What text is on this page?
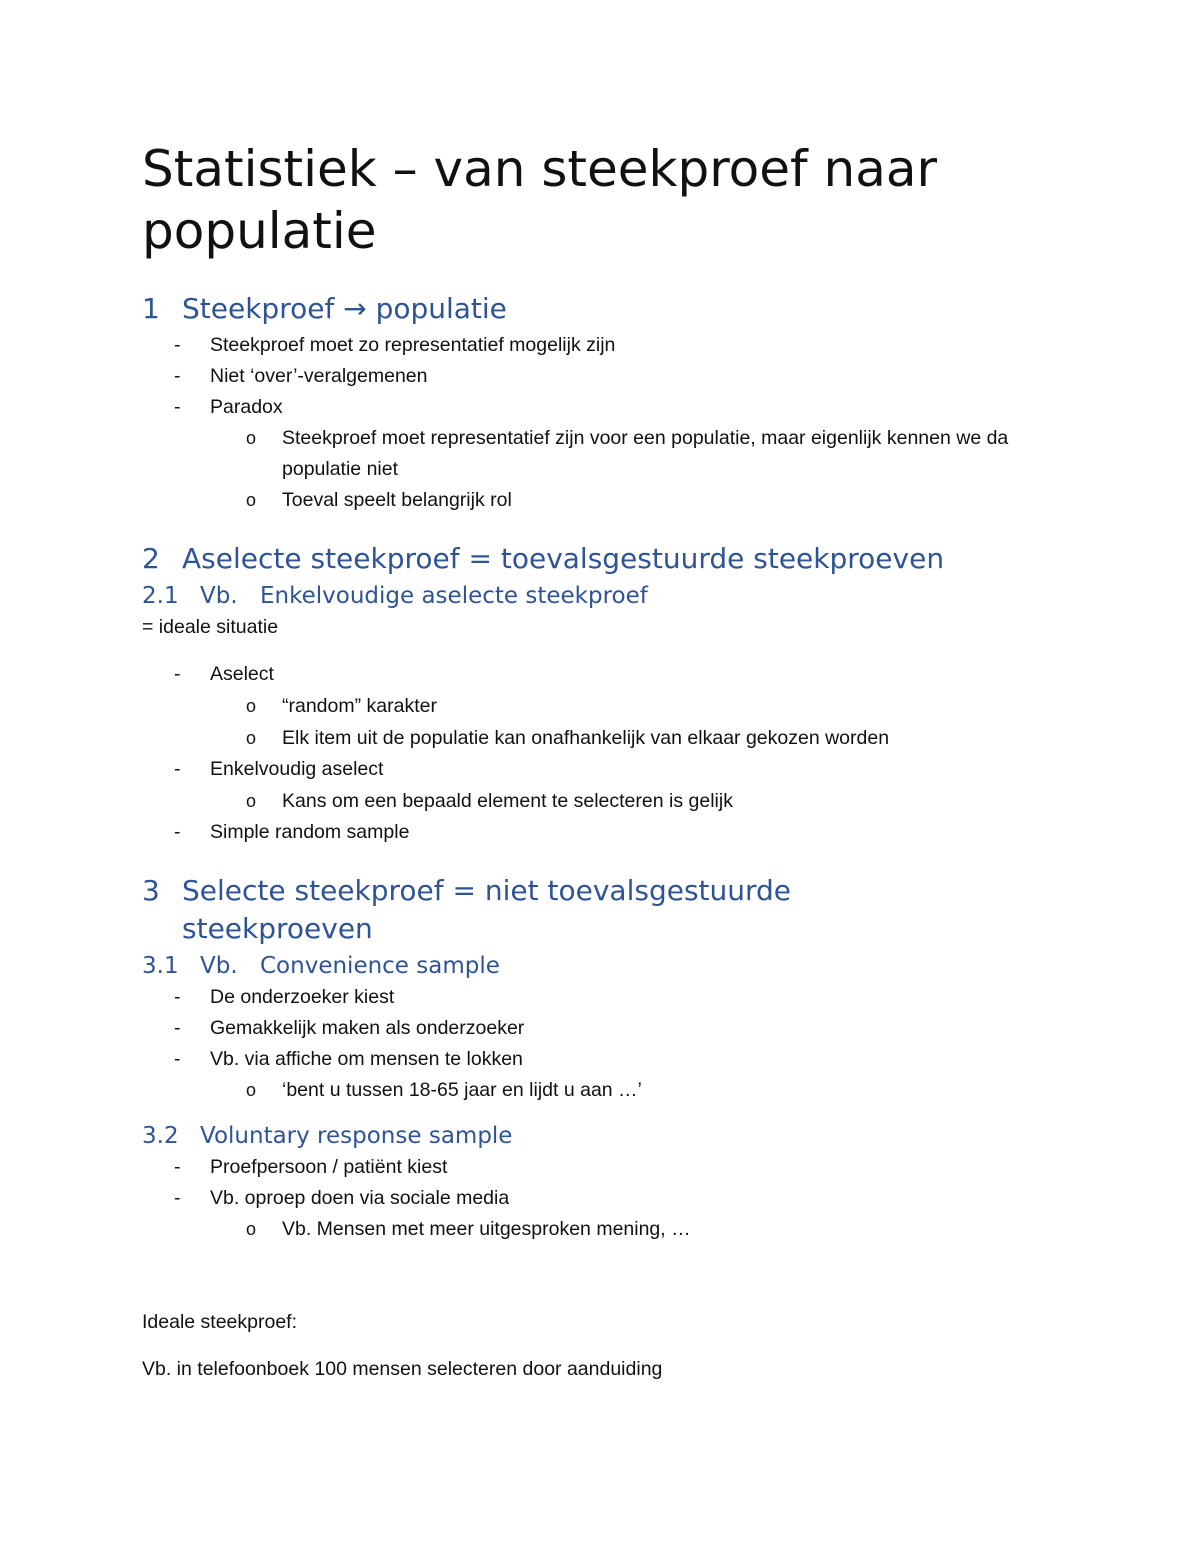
Statistiek – van steekproef naar populatie
1 Steekproef → populatie
- Steekproef moet zo representatief mogelijk zijn
- Niet ‘over’-veralgemenen
- Paradox
o Steekproef moet representatief zijn voor een populatie, maar eigenlijk kennen we da populatie niet
o Toeval speelt belangrijk rol
2 Aselecte steekproef = toevalsgestuurde steekproeven
2.1 Vb. Enkelvoudige aselecte steekproef

= ideale situatie

- Aselect
o “random” karakter
o Elk item uit de populatie kan onafhankelijk van elkaar gekozen worden
- Enkelvoudig aselect
o Kans om een bepaald element te selecteren is gelijk
- Simple random sample
3 Selecte steekproef = niet toevalsgestuurde steekproeven
3.1 Vb. Convenience sample
- De onderzoeker kiest
- Gemakkelijk maken als onderzoeker
- Vb. via affiche om mensen te lokken
o ‘bent u tussen 18-65 jaar en lijdt u aan …’
3.2 Voluntary response sample
- Proefpersoon / patiënt kiest
- Vb. oproep doen via sociale media
o Vb. Mensen met meer uitgesproken mening, …

Ideale steekproef:

Vb. in telefoonboek 100 mensen selecteren door aanduiding
